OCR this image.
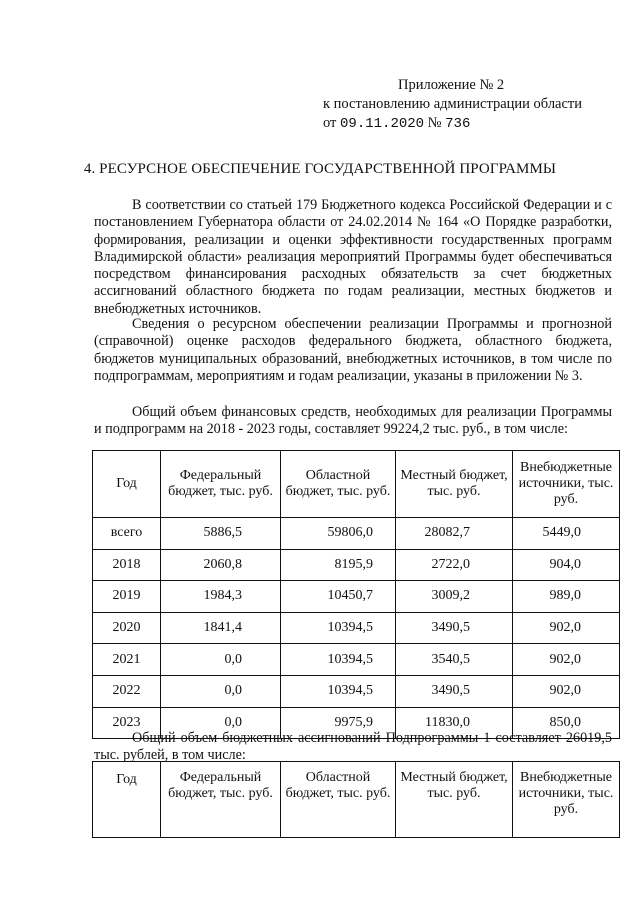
Приложение № 2
к постановлению администрации области
от 09.11.2020 № 736
4. РЕСУРСНОЕ ОБЕСПЕЧЕНИЕ ГОСУДАРСТВЕННОЙ ПРОГРАММЫ

В соответствии со статьей 179 Бюджетного кодекса Российской Федерации и с постановлением Губернатора области от 24.02.2014 № 164 «О Порядке разработки, формирования, реализации и оценки эффективности государственных программ Владимирской области» реализация мероприятий Программы будет обеспечиваться посредством финансирования расходных обязательств за счет бюджетных ассигнований областного бюджета по годам реализации, местных бюджетов и внебюджетных источников.

Сведения о ресурсном обеспечении реализации Программы и прогнозной (справочной) оценке расходов федерального бюджета, областного бюджета, бюджетов муниципальных образований, внебюджетных источников, в том числе по подпрограммам, мероприятиям и годам реализации, указаны в приложении № 3.

Общий объем финансовых средств, необходимых для реализации Программы и подпрограмм на 2018 - 2023 годы, составляет 99224,2 тыс. руб., в том числе:

Год	Федеральный бюджет, тыс. руб.	Областной бюджет, тыс. руб.	Местный бюджет, тыс. руб.	Внебюджетные источники, тыс. руб.
всего	5886,5	59806,0	28082,7	5449,0
2018	2060,8	8195,9	2722,0	904,0
2019	1984,3	10450,7	3009,2	989,0
2020	1841,4	10394,5	3490,5	902,0
2021	0,0	10394,5	3540,5	902,0
2022	0,0	10394,5	3490,5	902,0
2023	0,0	9975,9	11830,0	850,0

Общий объем бюджетных ассигнований Подпрограммы 1 составляет 26019,5 тыс. рублей, в том числе:

Год	Федеральный бюджет, тыс. руб.	Областной бюджет, тыс. руб.	Местный бюджет, тыс. руб.	Внебюджетные источники, тыс. руб.
